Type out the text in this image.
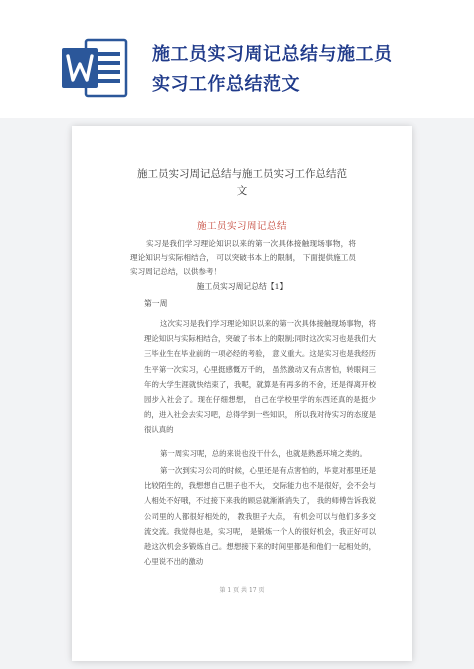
施工员实习周记总结与施工员
实习工作总结范文
施工员实习周记总结与施工员实习工作总结范
文
施工员实习周记总结
实习是我们学习理论知识以来的第一次具体接触现场事物，将理论知识与实际相结合， 可以突破书本上的限制， 下面提供施工员实习周记总结，以供参考！
施工员实习周记总结【1】
第一周
这次实习是我们学习理论知识以来的第一次具体接触现场事物，将理论知识与实际相结合，突破了书本上的限制;同时这次实习也是我们大三毕业生在毕业前的一项必经的考验， 意义重大。这是实习也是我经历生平第一次实习，心里挺感慨万千的， 虽然激动又有点害怕，转眼间三年的大学生涯就快结束了，我呢，就算是有再多的不舍，还是得离开校园步入社会了。现在仔细想想， 自己在学校里学的东西还真的是挺少的，进入社会去实习吧，总得学到一些知识， 所以我对待实习的态度是很认真的
第一周实习呢，总的来说也没干什么，也就是熟悉环境之类的。
第一次到实习公司的时候，心里还是有点害怕的，毕竟对那里还是比较陌生的，我想想自己胆子也不大， 交际能力也不是很好，会不会与人相处不好哦，不过接下来我的顾忌就渐渐消失了， 我的师傅告诉我说公司里的人都很好相处的， 教我胆子大点， 有机会可以与他们多多交流交流。我觉得也是，实习呢， 是锻炼一个人的很好机会，我正好可以趁这次机会多锻炼自己。想想接下来的时间里都是和他们一起相处的，心里说不出的激动
第 1 页 共 17 页
